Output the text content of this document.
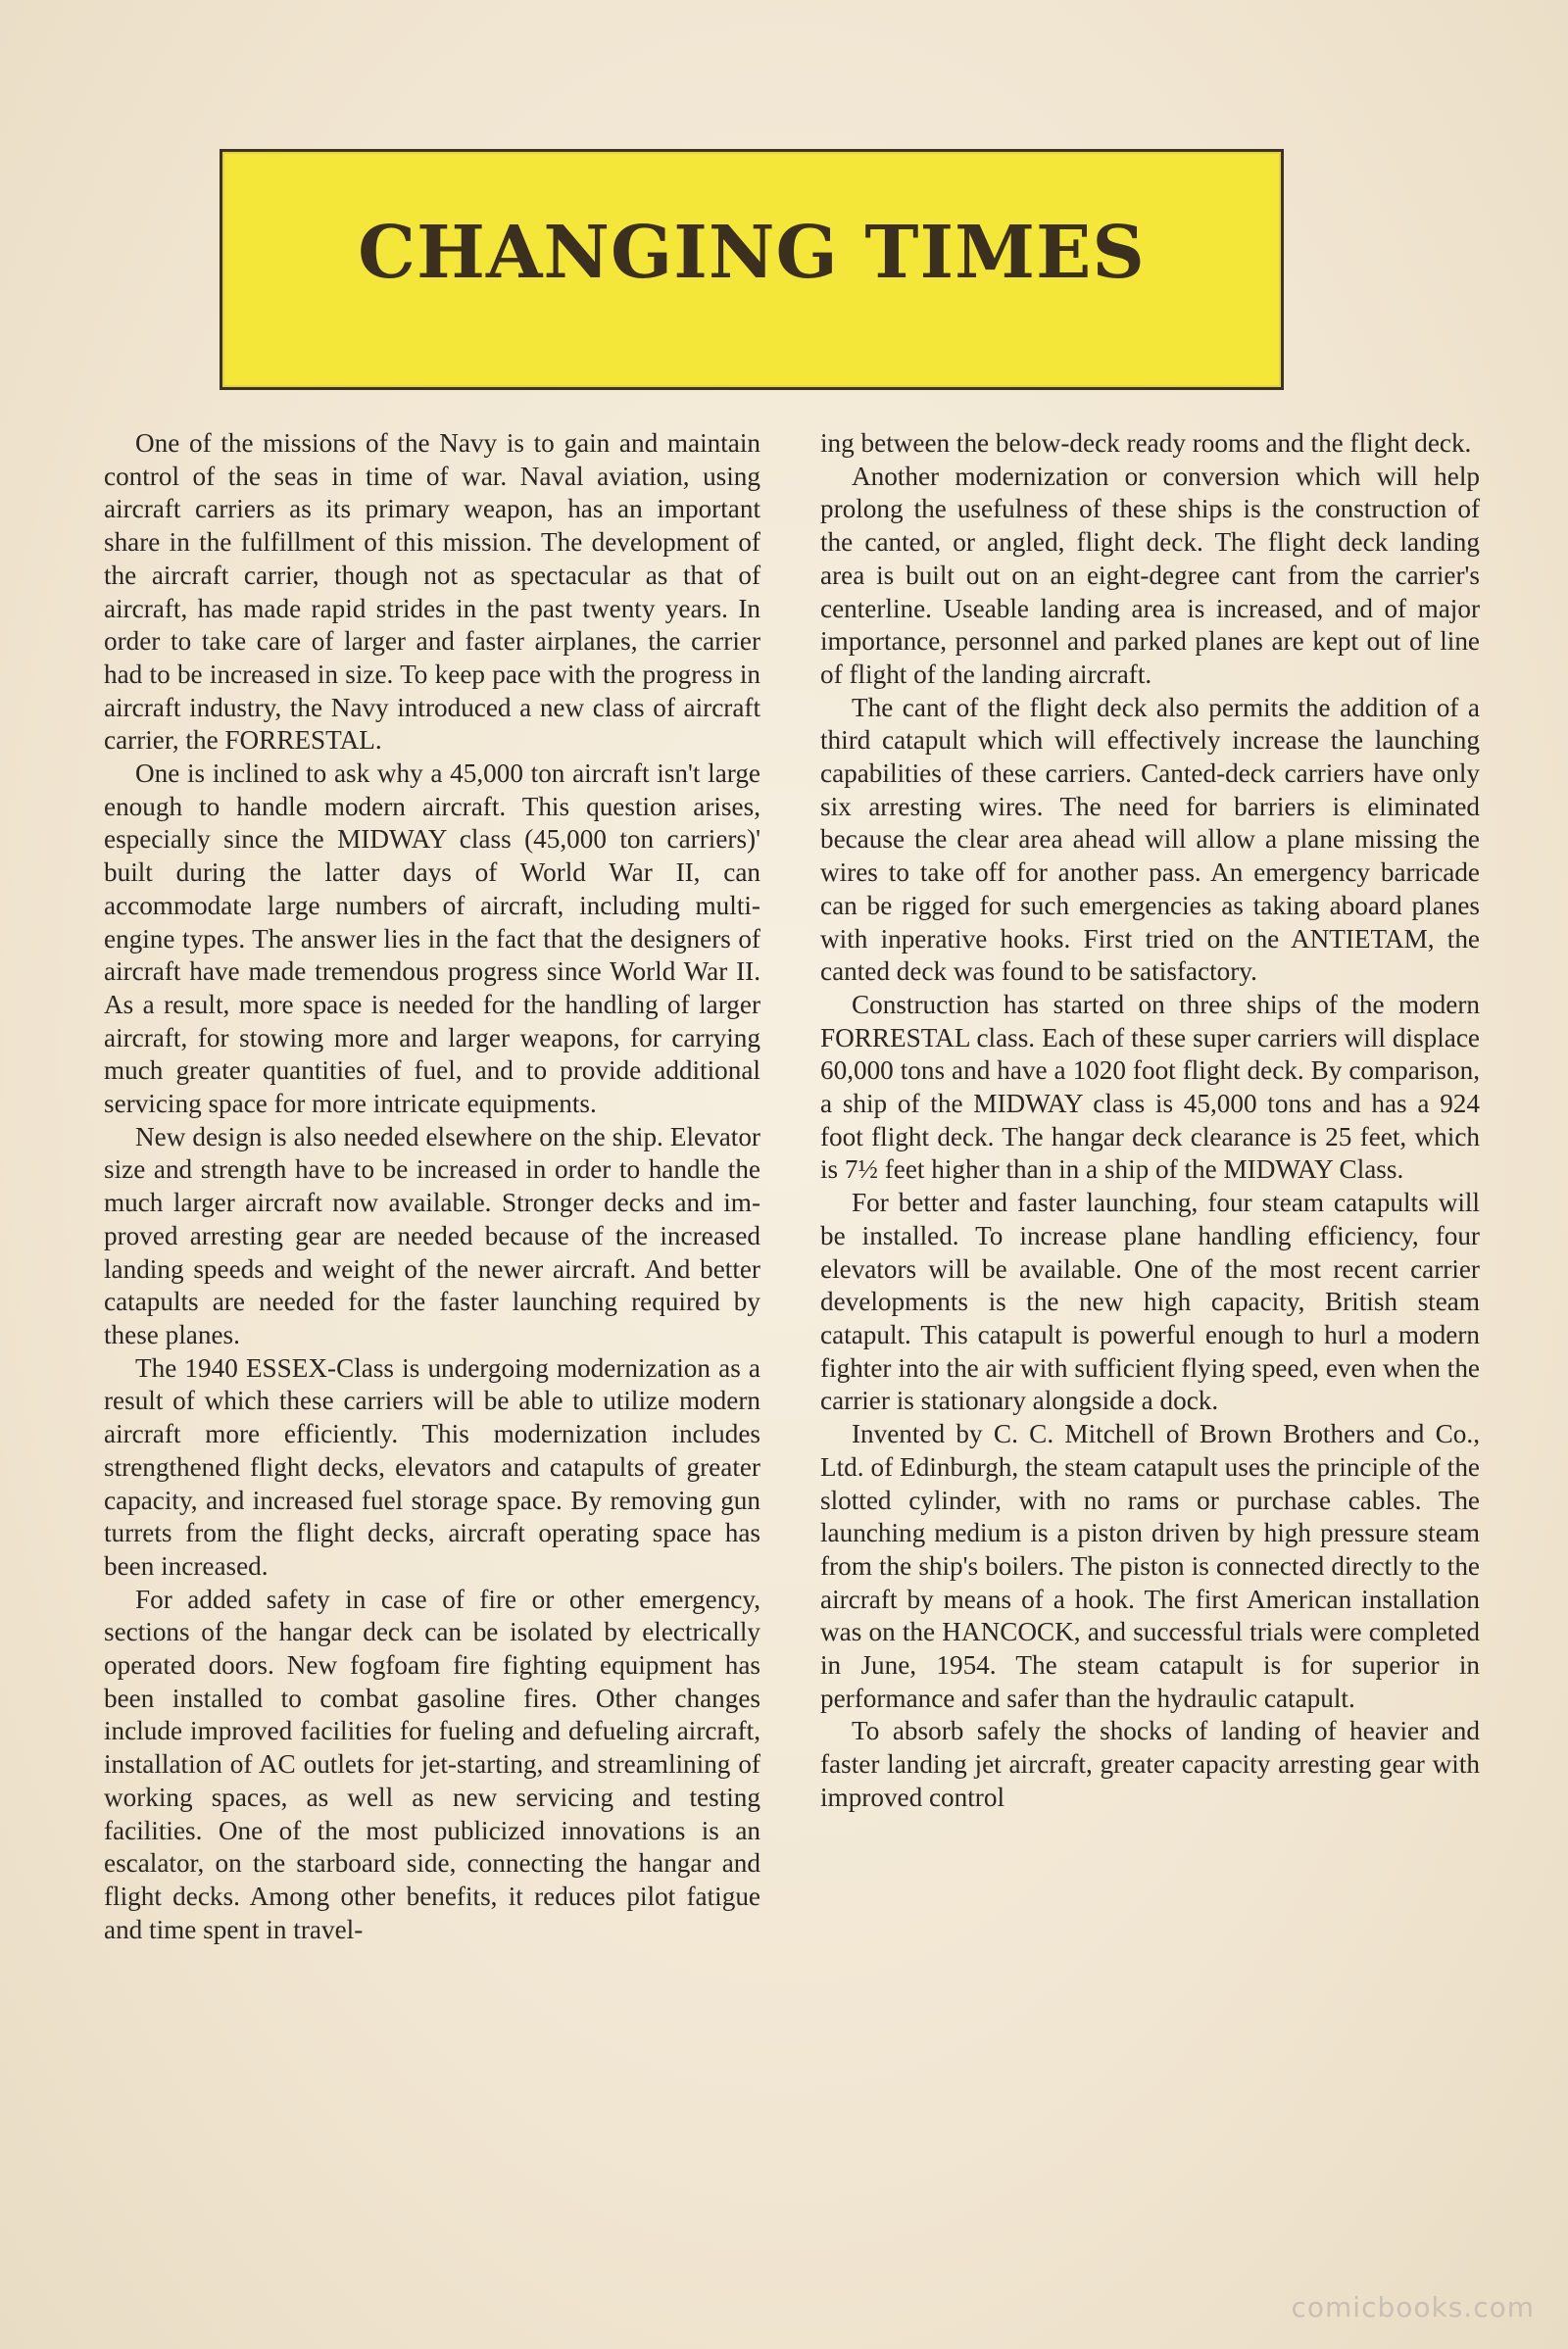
CHANGING TIMES

One of the missions of the Navy is to gain and maintain control of the seas in time of war. Naval aviation, using aircraft carriers as its primary weapon, has an important share in the fulfillment of this mission. The development of the aircraft carrier, though not as spectacular as that of aircraft, has made rapid strides in the past twenty years. In order to take care of larger and faster airplanes, the carrier had to be increased in size. To keep pace with the progress in aircraft industry, the Navy introduced a new class of aircraft carrier, the FORRESTAL.

One is inclined to ask why a 45,000 ton aircraft isn't large enough to handle modern aircraft. This question arises, especially since the MIDWAY class (45,000 ton carriers)' built during the latter days of World War II, can accommodate large numbers of aircraft, including multi-engine types. The answer lies in the fact that the designers of aircraft have made tremendous progress since World War II. As a result, more space is needed for the handling of larger aircraft, for stowing more and larger weapons, for carrying much greater quantities of fuel, and to provide additional servicing space for more intricate equipments.

New design is also needed elsewhere on the ship. Elevator size and strength have to be increased in order to handle the much larger aircraft now available. Stronger decks and improved arresting gear are needed because of the increased landing speeds and weight of the newer aircraft. And better catapults are needed for the faster launching required by these planes.

The 1940 ESSEX-Class is undergoing modernization as a result of which these carriers will be able to utilize modern aircraft more efficiently. This modernization includes strengthened flight decks, elevators and catapults of greater capacity, and increased fuel storage space. By removing gun turrets from the flight decks, aircraft operating space has been increased.

For added safety in case of fire or other emergency, sections of the hangar deck can be isolated by electrically operated doors. New fogfoam fire fighting equipment has been installed to combat gasoline fires. Other changes include improved facilities for fueling and defueling aircraft, installation of AC outlets for jet-starting, and streamlining of working spaces, as well as new servicing and testing facilities. One of the most publicized innovations is an escalator, on the starboard side, connecting the hangar and flight decks. Among other benefits, it reduces pilot fatigue and time spent in travel-

ing between the below-deck ready rooms and the flight deck.

Another modernization or conversion which will help prolong the usefulness of these ships is the construction of the canted, or angled, flight deck. The flight deck landing area is built out on an eight-degree cant from the carrier's centerline. Useable landing area is increased, and of major importance, personnel and parked planes are kept out of line of flight of the landing aircraft.

The cant of the flight deck also permits the addition of a third catapult which will effectively increase the launching capabilities of these carriers. Canted-deck carriers have only six arresting wires. The need for barriers is eliminated because the clear area ahead will allow a plane missing the wires to take off for another pass. An emergency barricade can be rigged for such emergencies as taking aboard planes with inperative hooks. First tried on the ANTIETAM, the canted deck was found to be satisfactory.

Construction has started on three ships of the modern FORRESTAL class. Each of these super carriers will displace 60,000 tons and have a 1020 foot flight deck. By comparison, a ship of the MIDWAY class is 45,000 tons and has a 924 foot flight deck. The hangar deck clearance is 25 feet, which is 7½ feet higher than in a ship of the MIDWAY Class.

For better and faster launching, four steam catapults will be installed. To increase plane handling efficiency, four elevators will be available. One of the most recent carrier developments is the new high capacity, British steam catapult. This catapult is powerful enough to hurl a modern fighter into the air with sufficient flying speed, even when the carrier is stationary alongside a dock.

Invented by C. C. Mitchell of Brown Brothers and Co., Ltd. of Edinburgh, the steam catapult uses the principle of the slotted cylinder, with no rams or purchase cables. The launching medium is a piston driven by high pressure steam from the ship's boilers. The piston is connected directly to the aircraft by means of a hook. The first American installation was on the HANCOCK, and successful trials were completed in June, 1954. The steam catapult is for superior in performance and safer than the hydraulic catapult.

To absorb safely the shocks of landing of heavier and faster landing jet aircraft, greater capacity arresting gear with improved control

comicbooks.com
